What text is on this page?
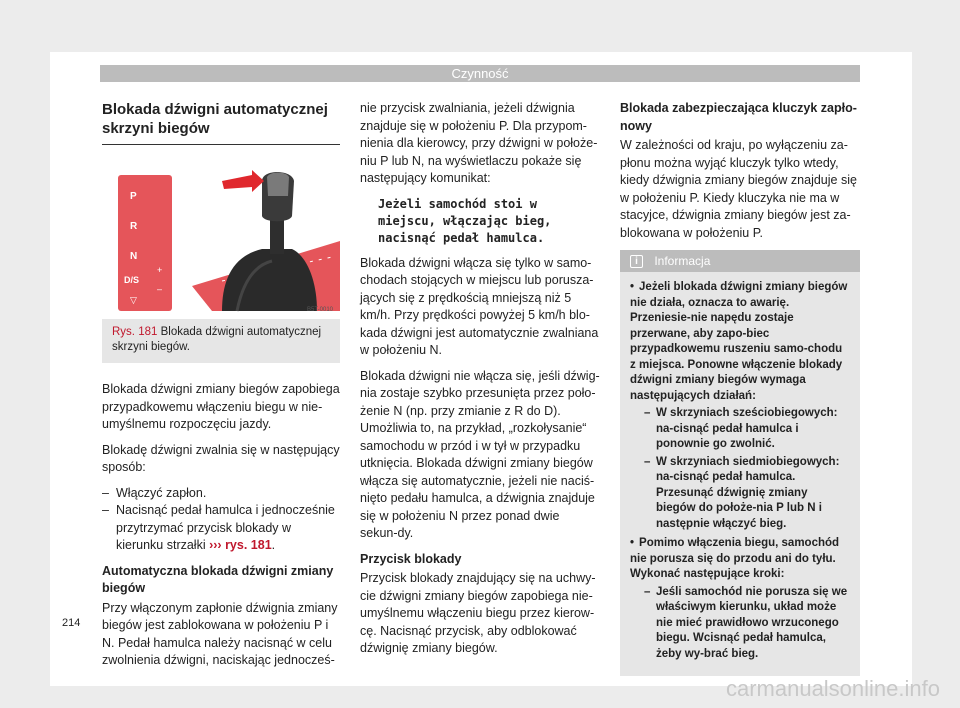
Czynność
Blokada dźwigni automatycznej skrzyni biegów
P
R
N
D/S
+
–
▽
B5T-0010
Rys. 181 Blokada dźwigni automatycznej skrzyni biegów.

Blokada dźwigni zmiany biegów zapobiega przypadkowemu włączeniu biegu w nie-umyślnemu rozpoczęciu jazdy.

Blokadę dźwigni zwalnia się w następujący sposób:

– Włączyć zapłon.
– Nacisnąć pedał hamulca i jednocześnie przytrzymać przycisk blokady w kierunku strzałki ››› rys. 181.

Automatyczna blokada dźwigni zmiany biegów

Przy włączonym zapłonie dźwignia zmiany biegów jest zablokowana w położeniu P i N. Pedał hamulca należy nacisnąć w celu zwolnienia dźwigni, naciskając jednocześ-

nie przycisk zwalniania, jeżeli dźwignia znajduje się w położeniu P. Dla przypom-nienia dla kierowcy, przy dźwigni w położe-niu P lub N, na wyświetlaczu pokaże się następujący komunikat:

Jeżeli samochód stoi w miejscu, włączając bieg, nacisnąć pedał hamulca.

Blokada dźwigni włącza się tylko w samo-chodach stojących w miejscu lub porusza-jących się z prędkością mniejszą niż 5 km/h. Przy prędkości powyżej 5 km/h blo-kada dźwigni jest automatycznie zwalniana w położeniu N.

Blokada dźwigni nie włącza się, jeśli dźwig-nia zostaje szybko przesunięta przez poło-żenie N (np. przy zmianie z R do D). Umożliwia to, na przykład, „rozkołysanie“ samochodu w przód i w tył w przypadku utknięcia. Blokada dźwigni zmiany biegów włącza się automatycznie, jeżeli nie naciś-nięto pedału hamulca, a dźwignia znajduje się w położeniu N przez ponad dwie sekun-dy.

Przycisk blokady

Przycisk blokady znajdujący się na uchwy-cie dźwigni zmiany biegów zapobiega nie-umyślnemu włączeniu biegu przez kierow-cę. Nacisnąć przycisk, aby odblokować dźwignię zmiany biegów.

Blokada zabezpieczająca kluczyk zapło-nowy

W zależności od kraju, po wyłączeniu za-płonu można wyjąć kluczyk tylko wtedy, kiedy dźwignia zmiany biegów znajduje się w położeniu P. Kiedy kluczyka nie ma w stacyjce, dźwignia zmiany biegów jest za-blokowana w położeniu P.

i Informacja

• Jeżeli blokada dźwigni zmiany biegów nie działa, oznacza to awarię. Przeniesie-nie napędu zostaje przerwane, aby zapo-biec przypadkowemu ruszeniu samo-chodu z miejsca. Ponowne włączenie blokady dźwigni zmiany biegów wymaga następujących działań:

– W skrzyniach sześciobiegowych: na-cisnąć pedał hamulca i ponownie go zwolnić.
– W skrzyniach siedmiobiegowych: na-cisnąć pedał hamulca. Przesunąć dźwignię zmiany biegów do położe-nia P lub N i następnie włączyć bieg.

• Pomimo włączenia biegu, samochód nie porusza się do przodu ani do tyłu. Wykonać następujące kroki:

– Jeśli samochód nie porusza się we właściwym kierunku, układ może nie mieć prawidłowo wrzuconego biegu. Wcisnąć pedał hamulca, żeby wy-brać bieg.
214
carmanualsonline.info
